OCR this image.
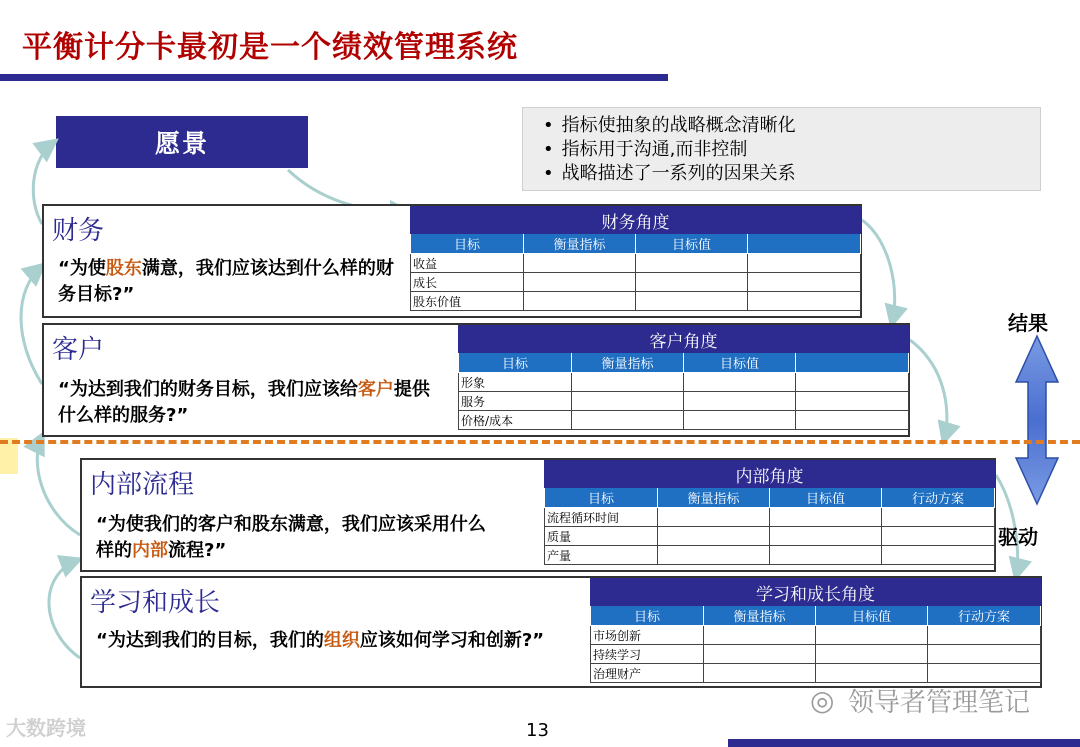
平衡计分卡最初是一个绩效管理系统
愿景
• 指标使抽象的战略概念清晰化
• 指标用于沟通,而非控制
• 战略描述了一系列的因果关系
财务
“为使股东满意，我们应该达到什么样的财务目标?”
财务角度			
目标	衡量指标	目标值	
收益			
成长			
股东价值			
客户
“为达到我们的财务目标，我们应该给客户提供什么样的服务?”
客户角度			
目标	衡量指标	目标值	
形象			
服务			
价格/成本			
内部流程
“为使我们的客户和股东满意，我们应该采用什么样的内部流程?”
内部角度			
目标	衡量指标	目标值	行动方案
流程循环时间			
质量			
产量			
学习和成长
“为达到我们的目标，我们的组织应该如何学习和创新?”
学习和成长角度			
目标	衡量指标	目标值	行动方案
市场创新			
持续学习			
治理财产			
结果
驱动
大数跨境
◎ 领导者管理笔记
13
